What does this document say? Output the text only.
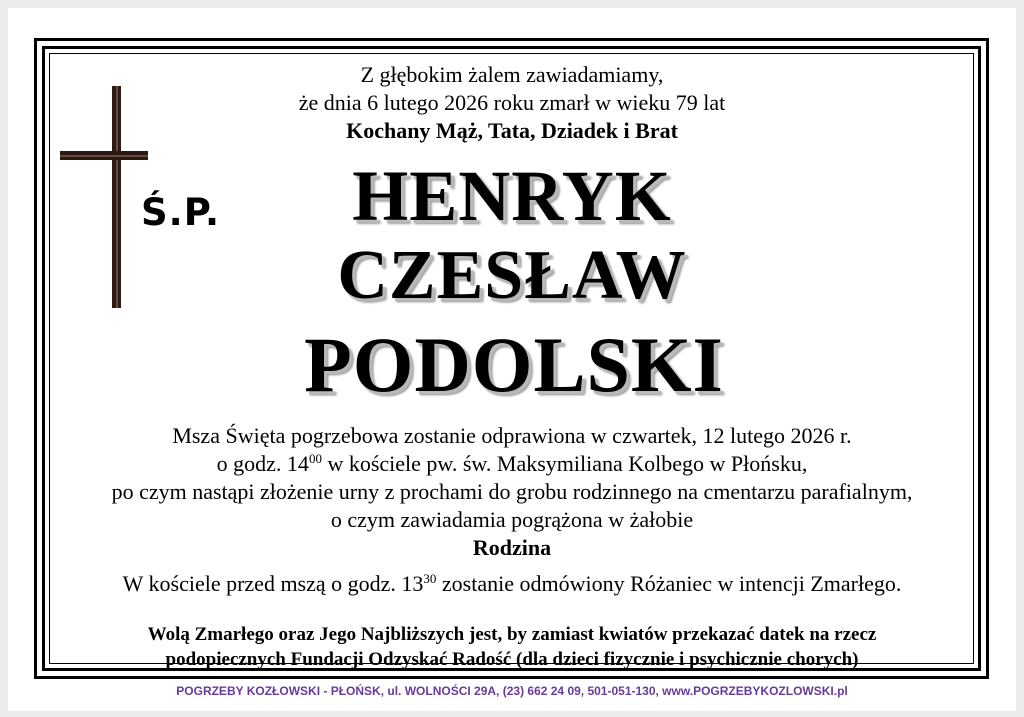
Ś.P.
Z głębokim żalem zawiadamiamy,
że dnia 6 lutego 2026 roku zmarł w wieku 79 lat
Kochany Mąż, Tata, Dziadek i Brat
HENRYK
CZESŁAW
PODOLSKI
Msza Święta pogrzebowa zostanie odprawiona w czwartek, 12 lutego 2026 r.
o godz. $14^{00}$ w kościele pw. św. Maksymiliana Kolbego w Płońsku,
po czym nastąpi złożenie urny z prochami do grobu rodzinnego na cmentarzu parafialnym,
o czym zawiadamia pogrążona w żałobie
Rodzina
W kościele przed mszą o godz. $13^{30}$ zostanie odmówiony Różaniec w intencji Zmarłego.
Wolą Zmarłego oraz Jego Najbliższych jest, by zamiast kwiatów przekazać datek na rzecz
podopiecznych Fundacji Odzyskać Radość (dla dzieci fizycznie i psychicznie chorych)
POGRZEBY KOZŁOWSKI - PŁOŃSK, ul. WOLNOŚCI 29A, (23) 662 24 09, 501-051-130, www.POGRZEBYKOZLOWSKI.pl
